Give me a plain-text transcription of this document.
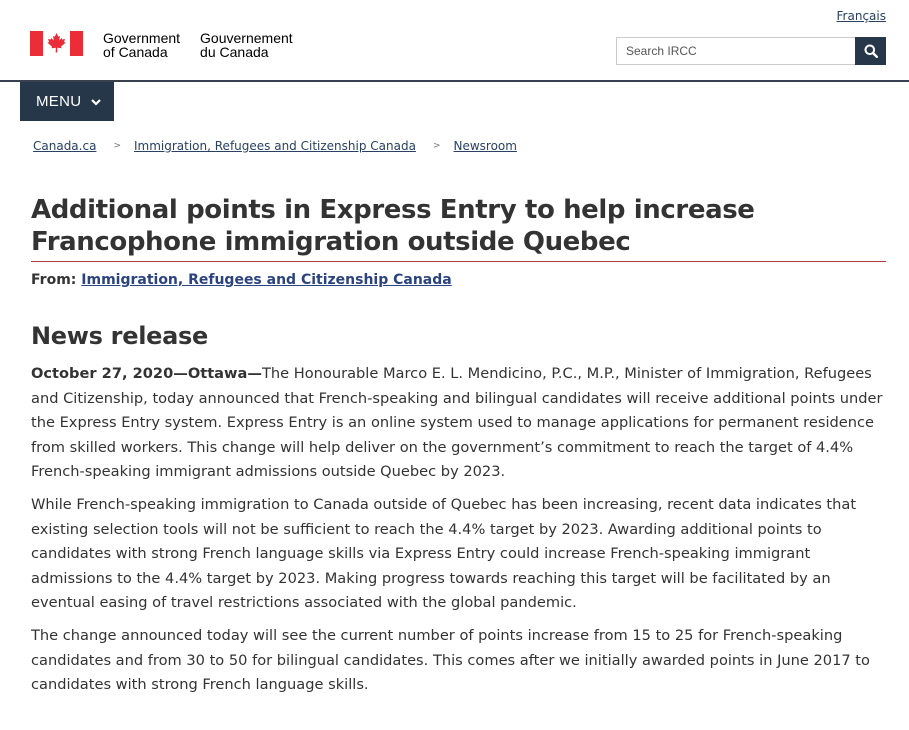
Français
Government
of Canada
Gouvernement
du Canada
Search IRCC
MENU
Canada.ca > Immigration, Refugees and Citizenship Canada > Newsroom
Additional points in Express Entry to help increase Francophone immigration outside Quebec
From: Immigration, Refugees and Citizenship Canada
News release

October 27, 2020—Ottawa—The Honourable Marco E. L. Mendicino, P.C., M.P., Minister of Immigration, Refugees and Citizenship, today announced that French-speaking and bilingual candidates will receive additional points under the Express Entry system. Express Entry is an online system used to manage applications for permanent residence from skilled workers. This change will help deliver on the government’s commitment to reach the target of 4.4% French-speaking immigrant admissions outside Quebec by 2023.

While French-speaking immigration to Canada outside of Quebec has been increasing, recent data indicates that existing selection tools will not be sufficient to reach the 4.4% target by 2023. Awarding additional points to candidates with strong French language skills via Express Entry could increase French-speaking immigrant admissions to the 4.4% target by 2023. Making progress towards reaching this target will be facilitated by an eventual easing of travel restrictions associated with the global pandemic.

The change announced today will see the current number of points increase from 15 to 25 for French-speaking candidates and from 30 to 50 for bilingual candidates. This comes after we initially awarded points in June 2017 to candidates with strong French language skills.
